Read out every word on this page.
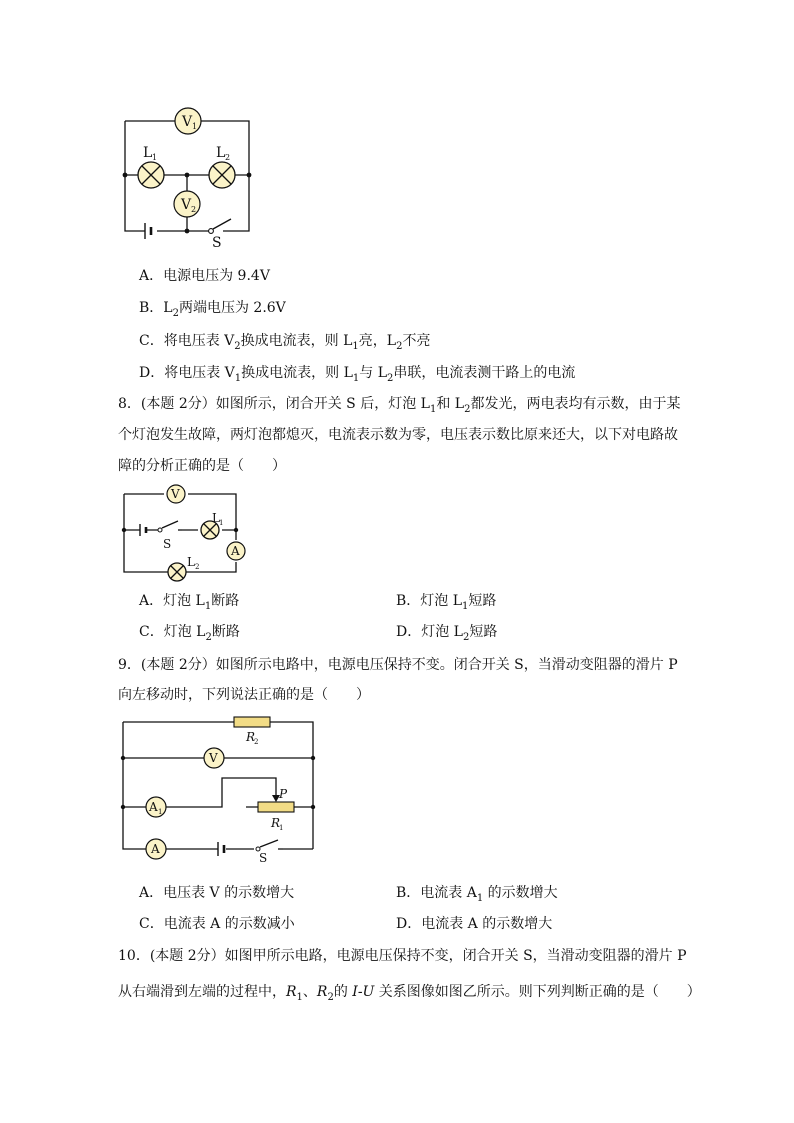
V 1
L 1	L 2
V 2
S
A．电源电压为 9.4V
B．$L_2$两端电压为 2.6V
C．将电压表 $V_2$换成电流表，则 $L_1$亮，$L_2$不亮
D．将电压表 $V_1$换成电流表，则 $L_1$与 $L_2$串联，电流表测干路上的电流
8．(本题 2分）如图所示，闭合开关 S 后，灯泡 $L_1$和 $L_2$都发光，两电表均有示数，由于某
个灯泡发生故障，两灯泡都熄灭，电流表示数为零，电压表示数比原来还大，以下对电路故
障的分析正确的是（　　）
V
S
L 1
A
L 2
A．灯泡 $L_1$断路	B．灯泡 $L_1$短路
C．灯泡 $L_2$断路	D．灯泡 $L_2$短路
9．(本题 2分）如图所示电路中，电源电压保持不变。闭合开关 S，当滑动变阻器的滑片 P
向左移动时，下列说法正确的是（　　）
R
2
V
A 1
P
R
1
A
S
A．电压表 V 的示数增大	B．电流表 $A_1$ 的示数增大
C．电流表 A 的示数减小	D．电流表 A 的示数增大
10．(本题 2分）如图甲所示电路，电源电压保持不变，闭合开关 S，当滑动变阻器的滑片 P
从右端滑到左端的过程中，$R_1$、$R_2$的 I-U 关系图像如图乙所示。则下列判断正确的是（　　）
